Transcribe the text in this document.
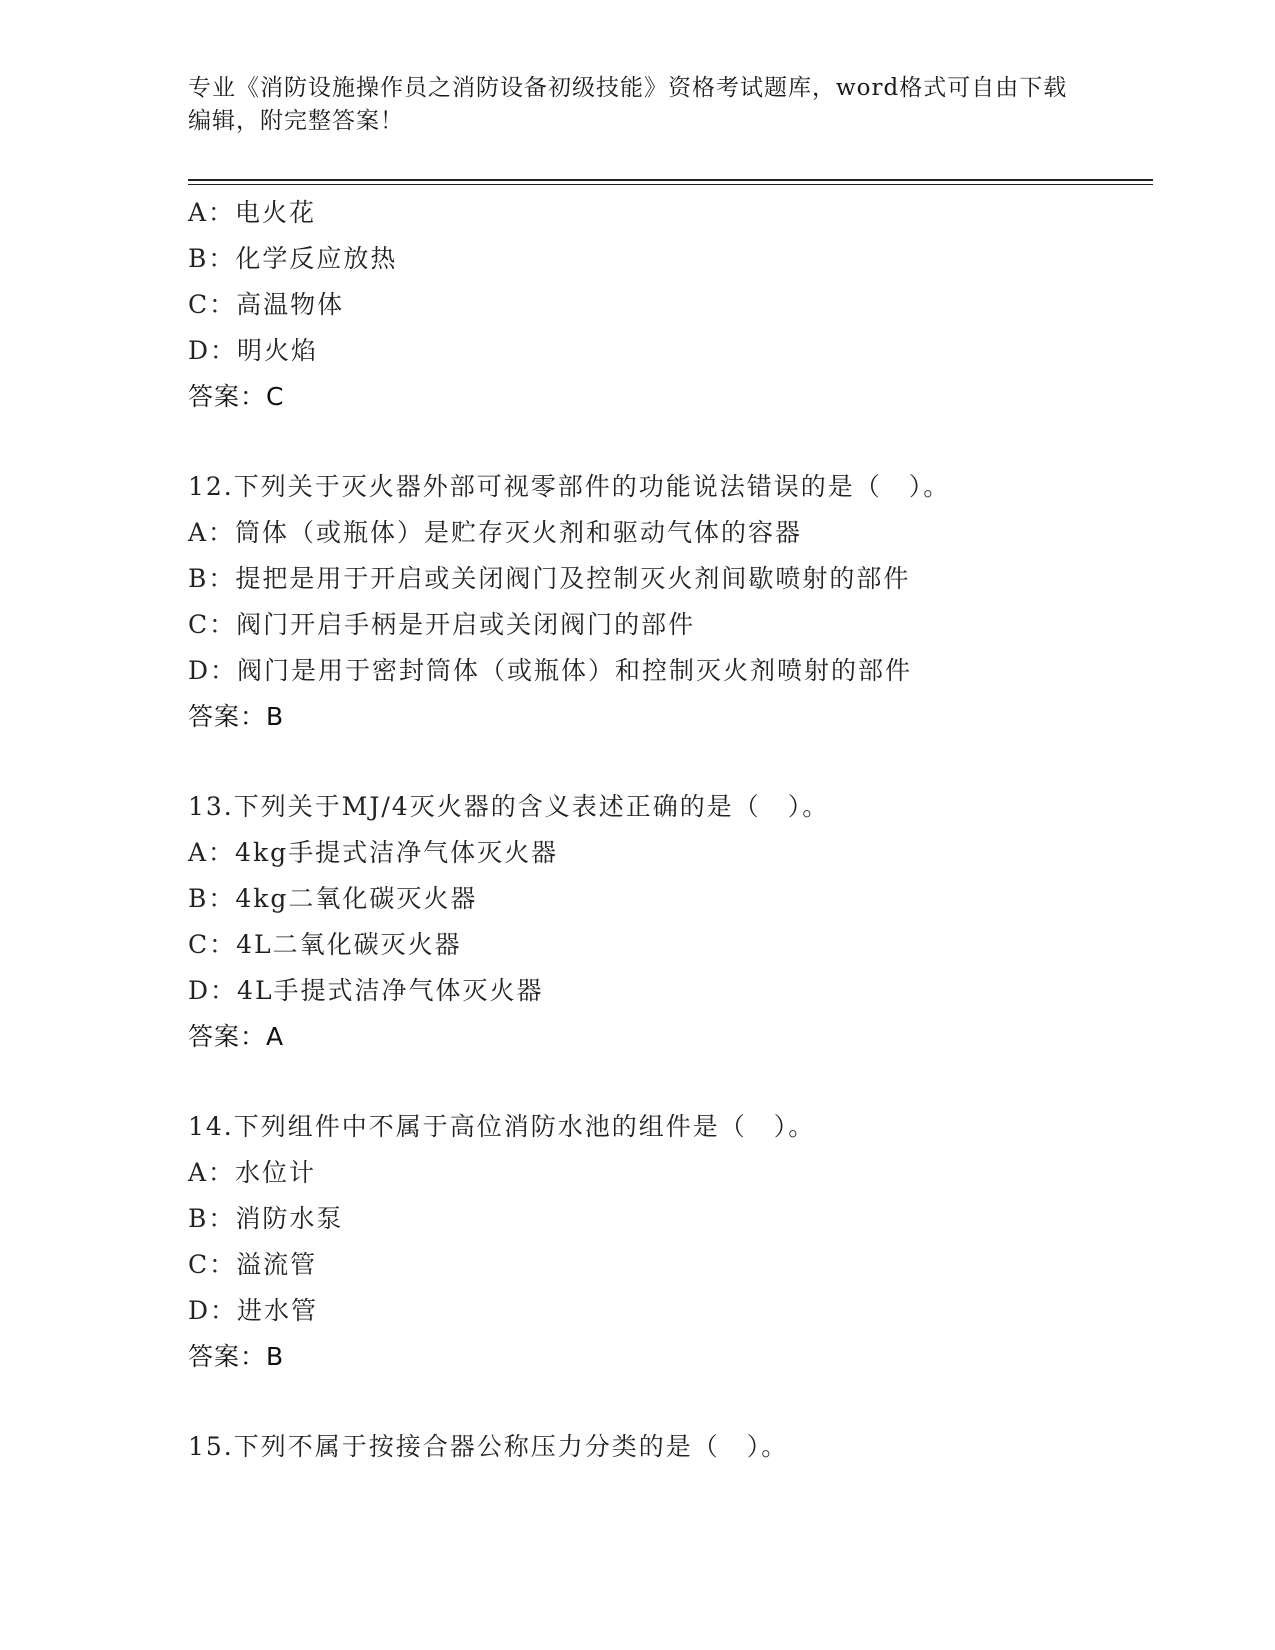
专业《消防设施操作员之消防设备初级技能》资格考试题库，word格式可自由下载编辑，附完整答案！
A：电火花
B：化学反应放热
C：高温物体
D：明火焰
答案：C
12.下列关于灭火器外部可视零部件的功能说法错误的是（　）。
A：筒体（或瓶体）是贮存灭火剂和驱动气体的容器
B：提把是用于开启或关闭阀门及控制灭火剂间歇喷射的部件
C：阀门开启手柄是开启或关闭阀门的部件
D：阀门是用于密封筒体（或瓶体）和控制灭火剂喷射的部件
答案：B
13.下列关于MJ/4灭火器的含义表述正确的是（　）。
A：4kg手提式洁净气体灭火器
B：4kg二氧化碳灭火器
C：4L二氧化碳灭火器
D：4L手提式洁净气体灭火器
答案：A
14.下列组件中不属于高位消防水池的组件是（　）。
A：水位计
B：消防水泵
C：溢流管
D：进水管
答案：B
15.下列不属于按接合器公称压力分类的是（　）。
